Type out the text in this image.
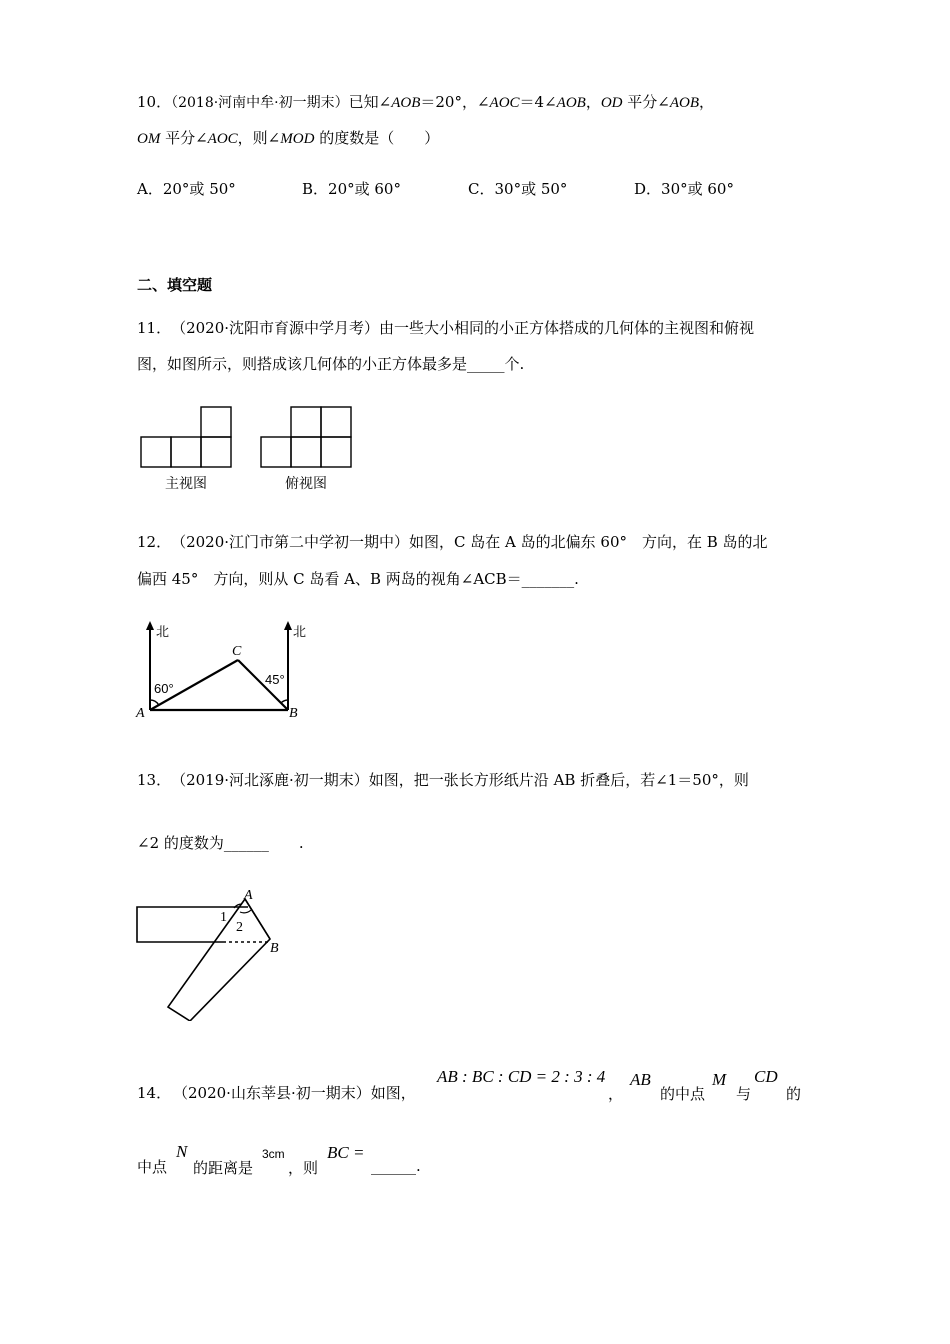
10．（2018·河南中牟·初一期末）已知∠AOB＝20°，∠AOC＝4∠AOB，OD 平分∠AOB，
OM 平分∠AOC，则∠MOD 的度数是（　　）
A．20°或 50°	B．20°或 60°	C．30°或 50°	D．30°或 60°
二、填空题
11．　（2020·沈阳市育源中学月考）由一些大小相同的小正方体搭成的几何体的主视图和俯视
图，如图所示，则搭成该几何体的小正方体最多是_____个.
主视图	俯视图
12．　（2020·江门市第二中学初一期中）如图，C 岛在 A 岛的北偏东 60°　方向，在 B 岛的北
偏西 45°　方向，则从 C 岛看 A、B 两岛的视角∠ACB＝_______.
北	北
A	B
C
60°
45°
13．　（2019·河北涿鹿·初一期末）如图，把一张长方形纸片沿 AB 折叠后，若∠1＝50°，则
∠2 的度数为______　　.
A
B
1
2
14． （2020·山东莘县·初一期末）如图，
AB : BC : CD = 2 : 3 : 4
，
AB
的中点
M
与
CD
的
中点
N
的距离是
3cm
，则
BC =
______.
